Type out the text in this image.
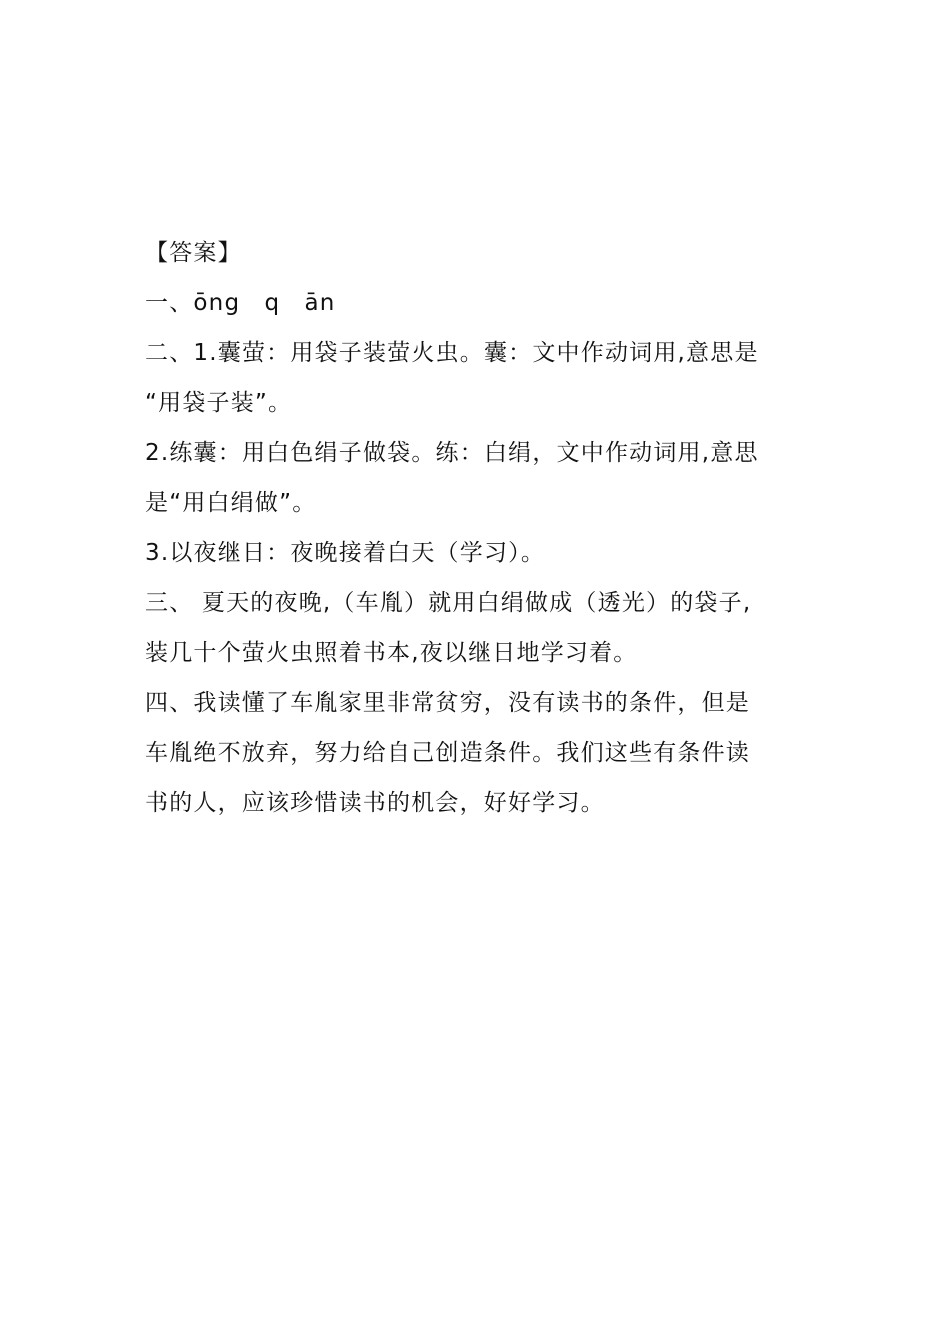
【答案】
一、ōng　q　ān
二、1.囊萤：用袋子装萤火虫。囊：文中作动词用,意思是
“用袋子装”。
2.练囊：用白色绢子做袋。练：白绢，文中作动词用,意思
是“用白绢做”。
3.以夜继日：夜晚接着白天（学习）。
三、 夏天的夜晚,（车胤）就用白绢做成（透光）的袋子,
装几十个萤火虫照着书本,夜以继日地学习着。
四、我读懂了车胤家里非常贫穷，没有读书的条件，但是
车胤绝不放弃，努力给自己创造条件。我们这些有条件读
书的人，应该珍惜读书的机会，好好学习。
